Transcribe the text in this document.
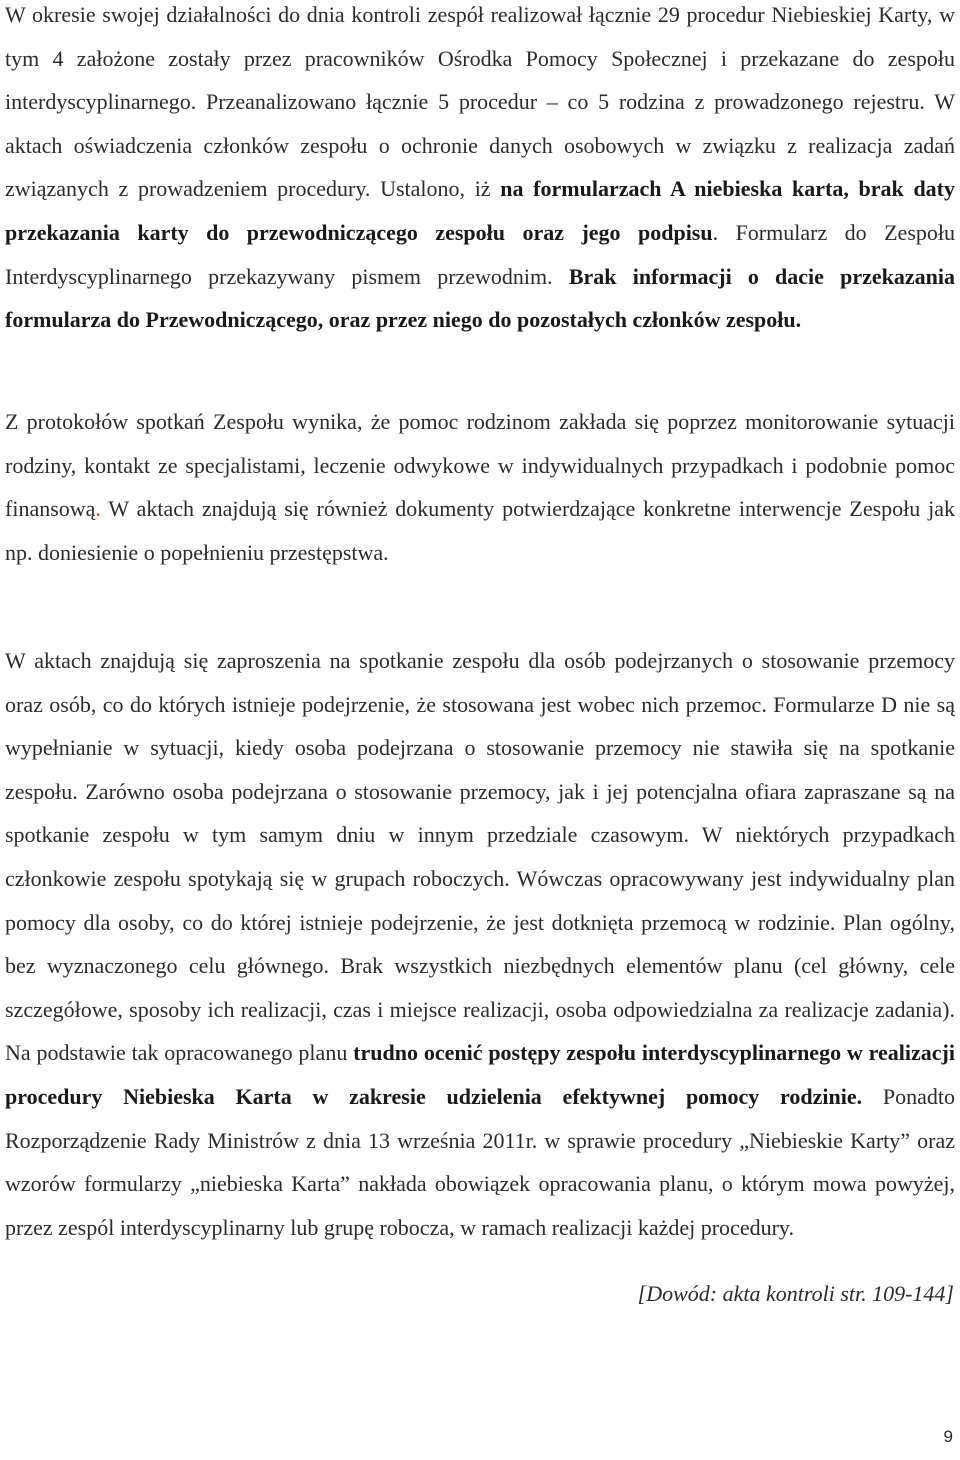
W okresie swojej działalności do dnia kontroli zespół realizował łącznie 29 procedur Niebieskiej Karty, w tym 4 założone zostały przez pracowników Ośrodka Pomocy Społecznej i przekazane do zespołu interdyscyplinarnego. Przeanalizowano łącznie 5 procedur – co 5 rodzina z prowadzonego rejestru. W aktach oświadczenia członków zespołu o ochronie danych osobowych w związku z realizacja zadań związanych z prowadzeniem procedury. Ustalono, iż na formularzach A niebieska karta, brak daty przekazania karty do przewodniczącego zespołu oraz jego podpisu. Formularz do Zespołu Interdyscyplinarnego przekazywany pismem przewodnim. Brak informacji o dacie przekazania formularza do Przewodniczącego, oraz przez niego do pozostałych członków zespołu.

Z protokołów spotkań Zespołu wynika, że pomoc rodzinom zakłada się poprzez monitorowanie sytuacji rodziny, kontakt ze specjalistami, leczenie odwykowe w indywidualnych przypadkach i podobnie pomoc finansową. W aktach znajdują się również dokumenty potwierdzające konkretne interwencje Zespołu jak np. doniesienie o popełnieniu przestępstwa.

W aktach znajdują się zaproszenia na spotkanie zespołu dla osób podejrzanych o stosowanie przemocy oraz osób, co do których istnieje podejrzenie, że stosowana jest wobec nich przemoc. Formularze D nie są wypełnianie w sytuacji, kiedy osoba podejrzana o stosowanie przemocy nie stawiła się na spotkanie zespołu. Zarówno osoba podejrzana o stosowanie przemocy, jak i jej potencjalna ofiara zapraszane są na spotkanie zespołu w tym samym dniu w innym przedziale czasowym. W niektórych przypadkach członkowie zespołu spotykają się w grupach roboczych. Wówczas opracowywany jest indywidualny plan pomocy dla osoby, co do której istnieje podejrzenie, że jest dotknięta przemocą w rodzinie. Plan ogólny, bez wyznaczonego celu głównego. Brak wszystkich niezbędnych elementów planu (cel główny, cele szczegółowe, sposoby ich realizacji, czas i miejsce realizacji, osoba odpowiedzialna za realizacje zadania). Na podstawie tak opracowanego planu trudno ocenić postępy zespołu interdyscyplinarnego w realizacji procedury Niebieska Karta w zakresie udzielenia efektywnej pomocy rodzinie. Ponadto Rozporządzenie Rady Ministrów z dnia 13 września 2011r. w sprawie procedury „Niebieskie Karty” oraz wzorów formularzy „niebieska Karta” nakłada obowiązek opracowania planu, o którym mowa powyżej, przez zespól interdyscyplinarny lub grupę robocza, w ramach realizacji każdej procedury.

[Dowód: akta kontroli str. 109-144]

9
